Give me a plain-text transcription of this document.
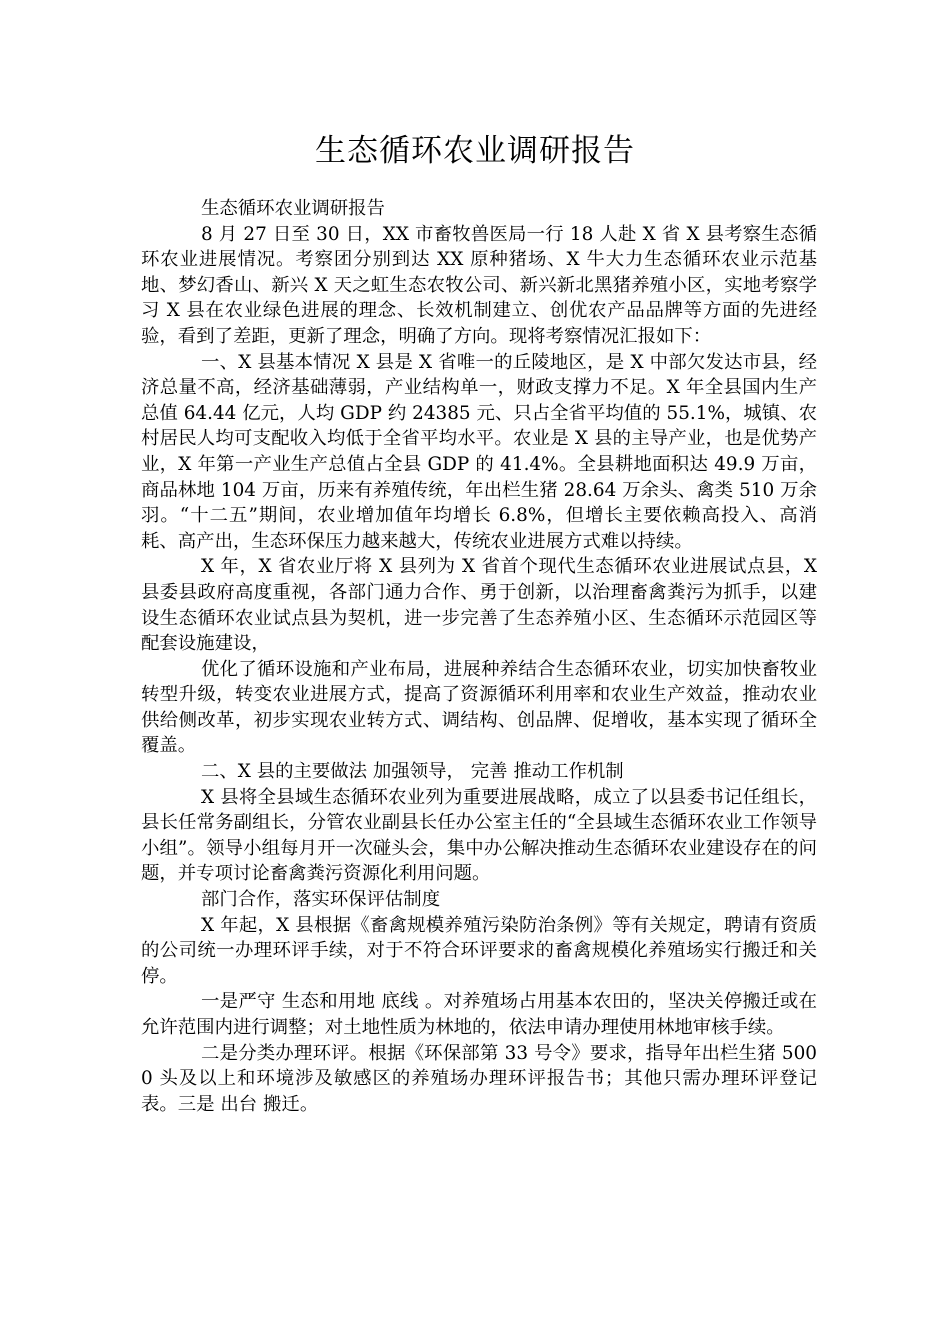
生态循环农业调研报告

生态循环农业调研报告

8 月 27 日至 30 日，XX 市畜牧兽医局一行 18 人赴 X 省 X 县考察生态循环农业进展情况。考察团分别到达 XX 原种猪场、X 牛大力生态循环农业示范基地、梦幻香山、新兴 X 天之虹生态农牧公司、新兴新北黑猪养殖小区，实地考察学习 X 县在农业绿色进展的理念、长效机制建立、创优农产品品牌等方面的先进经验，看到了差距，更新了理念，明确了方向。现将考察情况汇报如下：

一、X 县基本情况 X 县是 X 省唯一的丘陵地区，是 X 中部欠发达市县，经济总量不高，经济基础薄弱，产业结构单一，财政支撑力不足。X 年全县国内生产总值 64.44 亿元，人均 GDP 约 24385 元、只占全省平均值的 55.1%，城镇、农村居民人均可支配收入均低于全省平均水平。农业是 X 县的主导产业，也是优势产业，X 年第一产业生产总值占全县 GDP 的 41.4%。全县耕地面积达 49.9 万亩，商品林地 104 万亩，历来有养殖传统，年出栏生猪 28.64 万余头、禽类 510 万余羽。“十二五”期间，农业增加值年均增长 6.8%，但增长主要依赖高投入、高消耗、高产出，生态环保压力越来越大，传统农业进展方式难以持续。

X 年，X 省农业厅将 X 县列为 X 省首个现代生态循环农业进展试点县，X 县委县政府高度重视，各部门通力合作、勇于创新，以治理畜禽粪污为抓手，以建设生态循环农业试点县为契机，进一步完善了生态养殖小区、生态循环示范园区等配套设施建设，

优化了循环设施和产业布局，进展种养结合生态循环农业，切实加快畜牧业转型升级，转变农业进展方式，提高了资源循环利用率和农业生产效益，推动农业供给侧改革，初步实现农业转方式、调结构、创品牌、促增收，基本实现了循环全覆盖。

二、X 县的主要做法 加强领导， 完善 推动工作机制

X 县将全县域生态循环农业列为重要进展战略，成立了以县委书记任组长，县长任常务副组长，分管农业副县长任办公室主任的“全县域生态循环农业工作领导小组”。领导小组每月开一次碰头会，集中办公解决推动生态循环农业建设存在的问题，并专项讨论畜禽粪污资源化利用问题。

部门合作，落实环保评估制度

X 年起，X 县根据《畜禽规模养殖污染防治条例》等有关规定，聘请有资质的公司统一办理环评手续，对于不符合环评要求的畜禽规模化养殖场实行搬迁和关停。

一是严守 生态和用地 底线 。对养殖场占用基本农田的，坚决关停搬迁或在允许范围内进行调整；对土地性质为林地的，依法申请办理使用林地审核手续。

二是分类办理环评。根据《环保部第 33 号令》要求，指导年出栏生猪 5000 头及以上和环境涉及敏感区的养殖场办理环评报告书；其他只需办理环评登记表。三是 出台 搬迁。
